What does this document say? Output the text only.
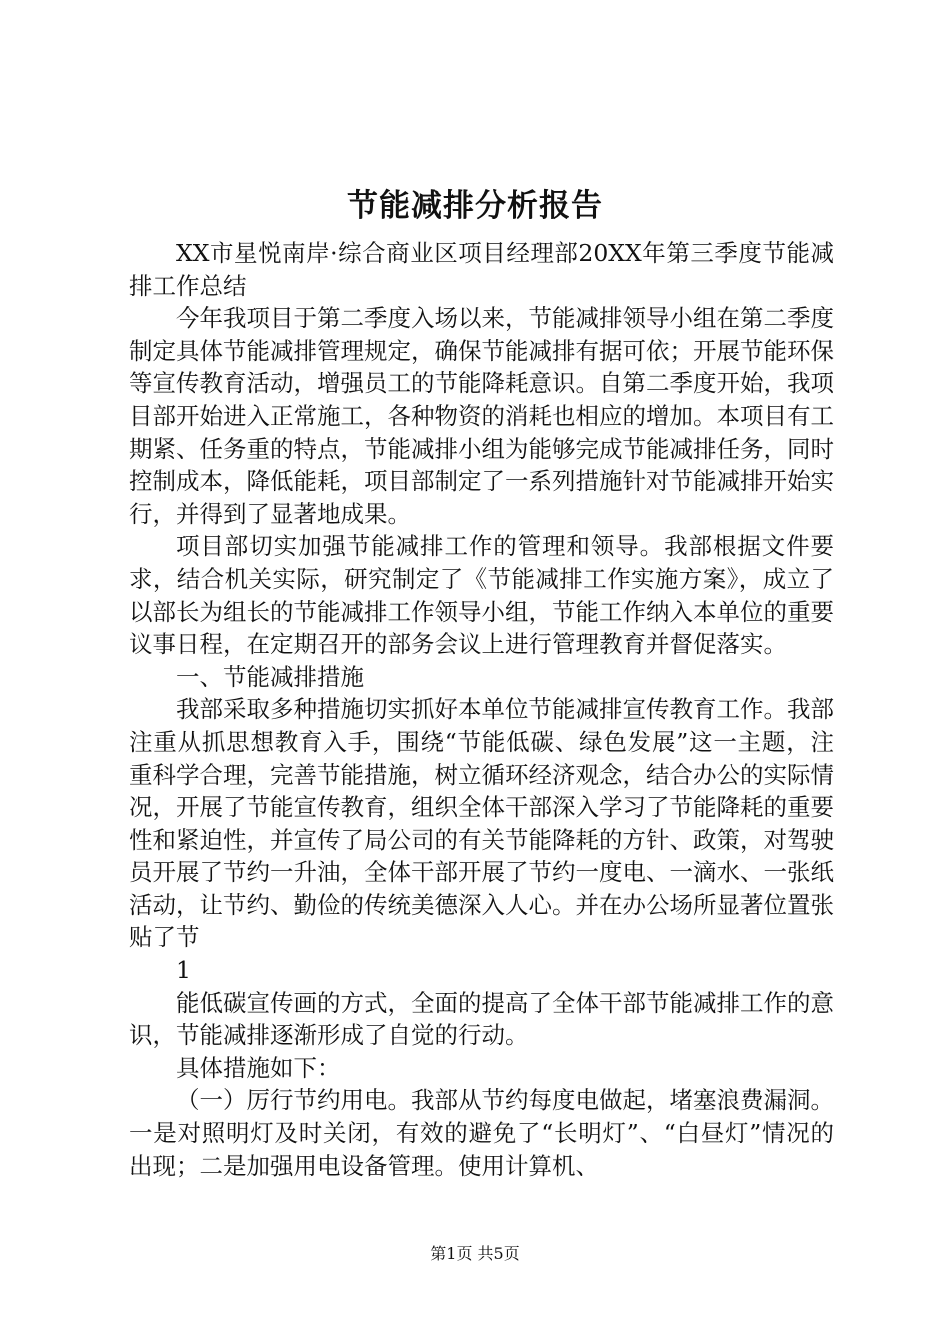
节能减排分析报告

XX市星悦南岸·综合商业区项目经理部20XX年第三季度节能减排工作总结

今年我项目于第二季度入场以来，节能减排领导小组在第二季度制定具体节能减排管理规定，确保节能减排有据可依；开展节能环保等宣传教育活动，增强员工的节能降耗意识。自第二季度开始，我项目部开始进入正常施工，各种物资的消耗也相应的增加。本项目有工期紧、任务重的特点，节能减排小组为能够完成节能减排任务，同时控制成本，降低能耗，项目部制定了一系列措施针对节能减排开始实行，并得到了显著地成果。

项目部切实加强节能减排工作的管理和领导。我部根据文件要求，结合机关实际，研究制定了《节能减排工作实施方案》，成立了以部长为组长的节能减排工作领导小组，节能工作纳入本单位的重要议事日程，在定期召开的部务会议上进行管理教育并督促落实。

一、节能减排措施

我部采取多种措施切实抓好本单位节能减排宣传教育工作。我部注重从抓思想教育入手，围绕“节能低碳、绿色发展”这一主题，注重科学合理，完善节能措施，树立循环经济观念，结合办公的实际情况，开展了节能宣传教育，组织全体干部深入学习了节能降耗的重要性和紧迫性，并宣传了局公司的有关节能降耗的方针、政策，对驾驶员开展了节约一升油，全体干部开展了节约一度电、一滴水、一张纸活动，让节约、勤俭的传统美德深入人心。并在办公场所显著位置张贴了节

1

能低碳宣传画的方式，全面的提高了全体干部节能减排工作的意识，节能减排逐渐形成了自觉的行动。

具体措施如下：

（一）厉行节约用电。我部从节约每度电做起，堵塞浪费漏洞。一是对照明灯及时关闭，有效的避免了“长明灯”、“白昼灯”情况的出现；二是加强用电设备管理。使用计算机、

第1页 共5页
